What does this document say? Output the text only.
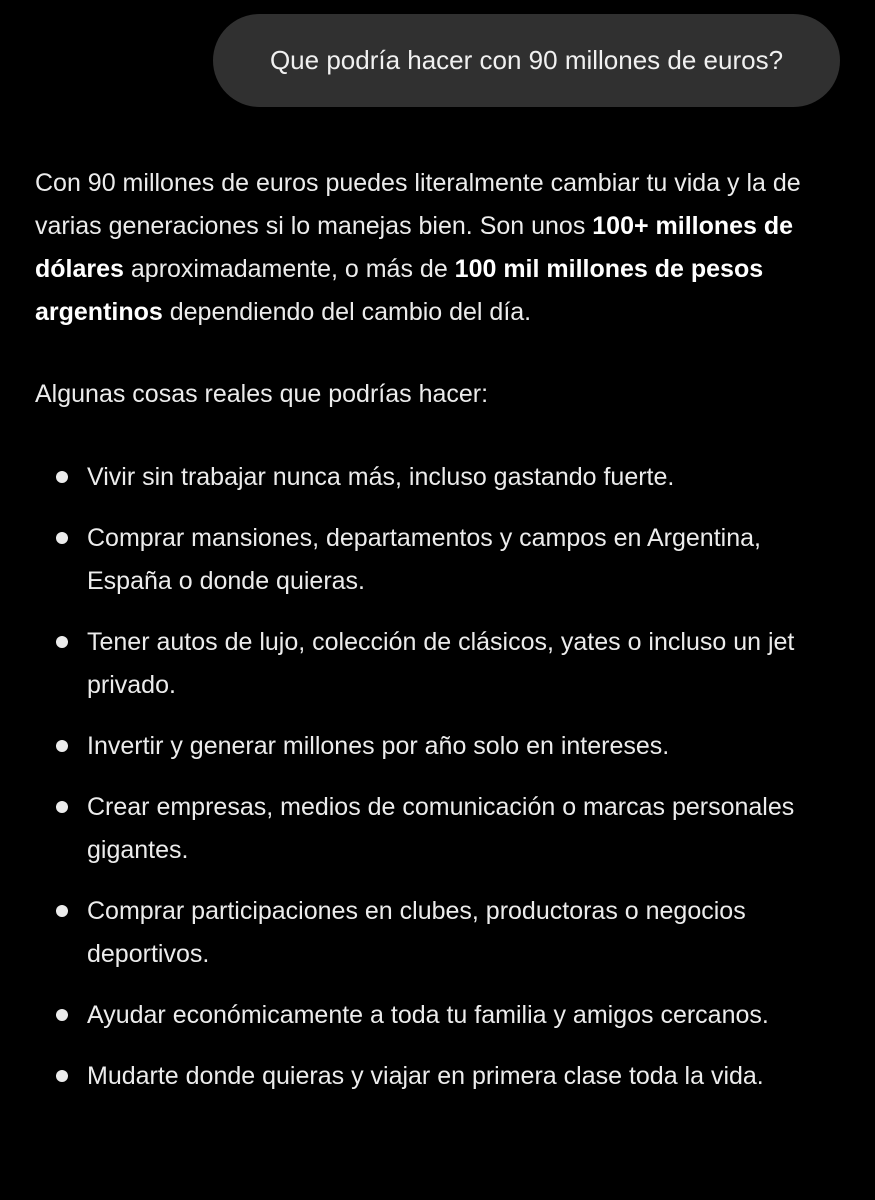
Que podría hacer con 90 millones de euros?

Con 90 millones de euros puedes literalmente cambiar tu vida y la de varias generaciones si lo manejas bien. Son unos 100+ millones de dólares aproximadamente, o más de 100 mil millones de pesos argentinos dependiendo del cambio del día.

Algunas cosas reales que podrías hacer:

Vivir sin trabajar nunca más, incluso gastando fuerte.
Comprar mansiones, departamentos y campos en Argentina, España o donde quieras.
Tener autos de lujo, colección de clásicos, yates o incluso un jet privado.
Invertir y generar millones por año solo en intereses.
Crear empresas, medios de comunicación o marcas personales gigantes.
Comprar participaciones en clubes, productoras o negocios deportivos.
Ayudar económicamente a toda tu familia y amigos cercanos.
Mudarte donde quieras y viajar en primera clase toda la vida.
